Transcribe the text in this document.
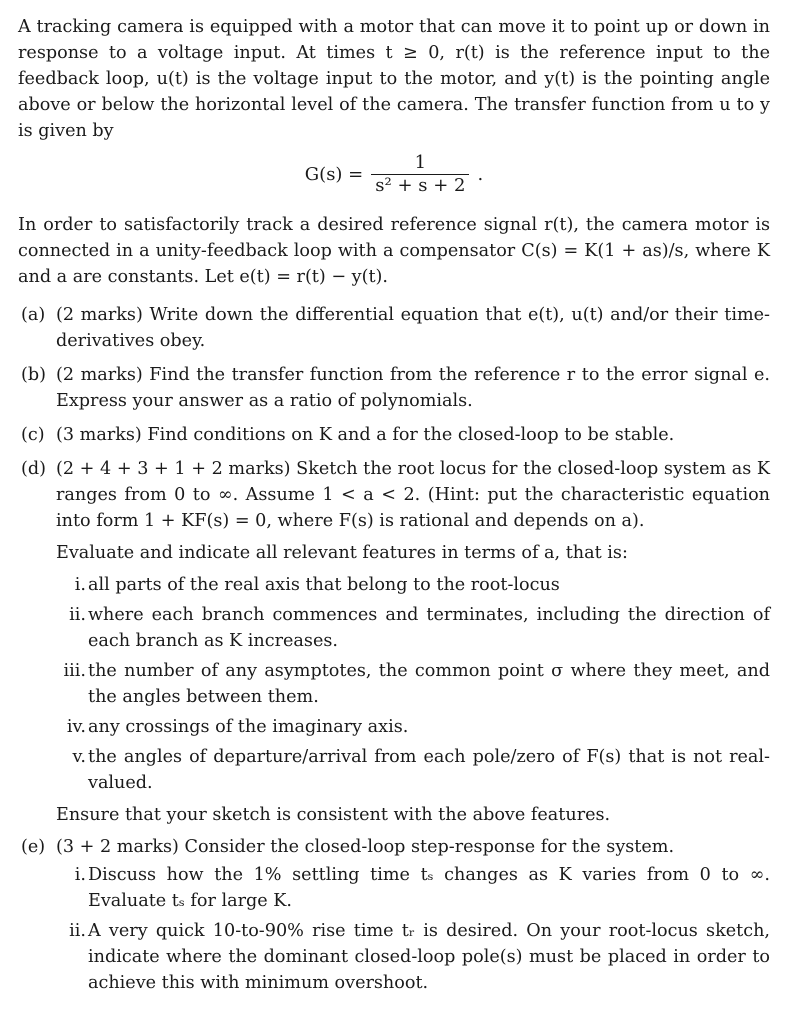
A tracking camera is equipped with a motor that can move it to point up or down in response to a voltage input. At times t ≥ 0, r(t) is the reference input to the feedback loop, u(t) is the voltage input to the motor, and y(t) is the pointing angle above or below the horizontal level of the camera. The transfer function from u to y is given by

$G(s) = \frac{1}{\text{s² + s + 2}}$ .

In order to satisfactorily track a desired reference signal r(t), the camera motor is connected in a unity-feedback loop with a compensator C(s) = K(1 + as)/s, where K and a are constants. Let e(t) = r(t) − y(t).

(a) (2 marks) Write down the differential equation that e(t), u(t) and/or their time-derivatives obey.
(b) (2 marks) Find the transfer function from the reference r to the error signal e. Express your answer as a ratio of polynomials.
(c) (3 marks) Find conditions on K and a for the closed-loop to be stable.
(d) (2 + 4 + 3 + 1 + 2 marks) Sketch the root locus for the closed-loop system as K ranges from 0 to ∞. Assume 1 < a < 2. (Hint: put the characteristic equation into form 1 + KF(s) = 0, where F(s) is rational and depends on a).
Evaluate and indicate all relevant features in terms of a, that is:
i. all parts of the real axis that belong to the root-locus
ii. where each branch commences and terminates, including the direction of each branch as K increases.
iii. the number of any asymptotes, the common point σ where they meet, and the angles between them.
iv. any crossings of the imaginary axis.
v. the angles of departure/arrival from each pole/zero of F(s) that is not real-valued.
Ensure that your sketch is consistent with the above features.
(e) (3 + 2 marks) Consider the closed-loop step-response for the system.
i. Discuss how the 1% settling time tₛ changes as K varies from 0 to ∞. Evaluate tₛ for large K.
ii. A very quick 10-to-90% rise time tᵣ is desired. On your root-locus sketch, indicate where the dominant closed-loop pole(s) must be placed in order to achieve this with minimum overshoot.
